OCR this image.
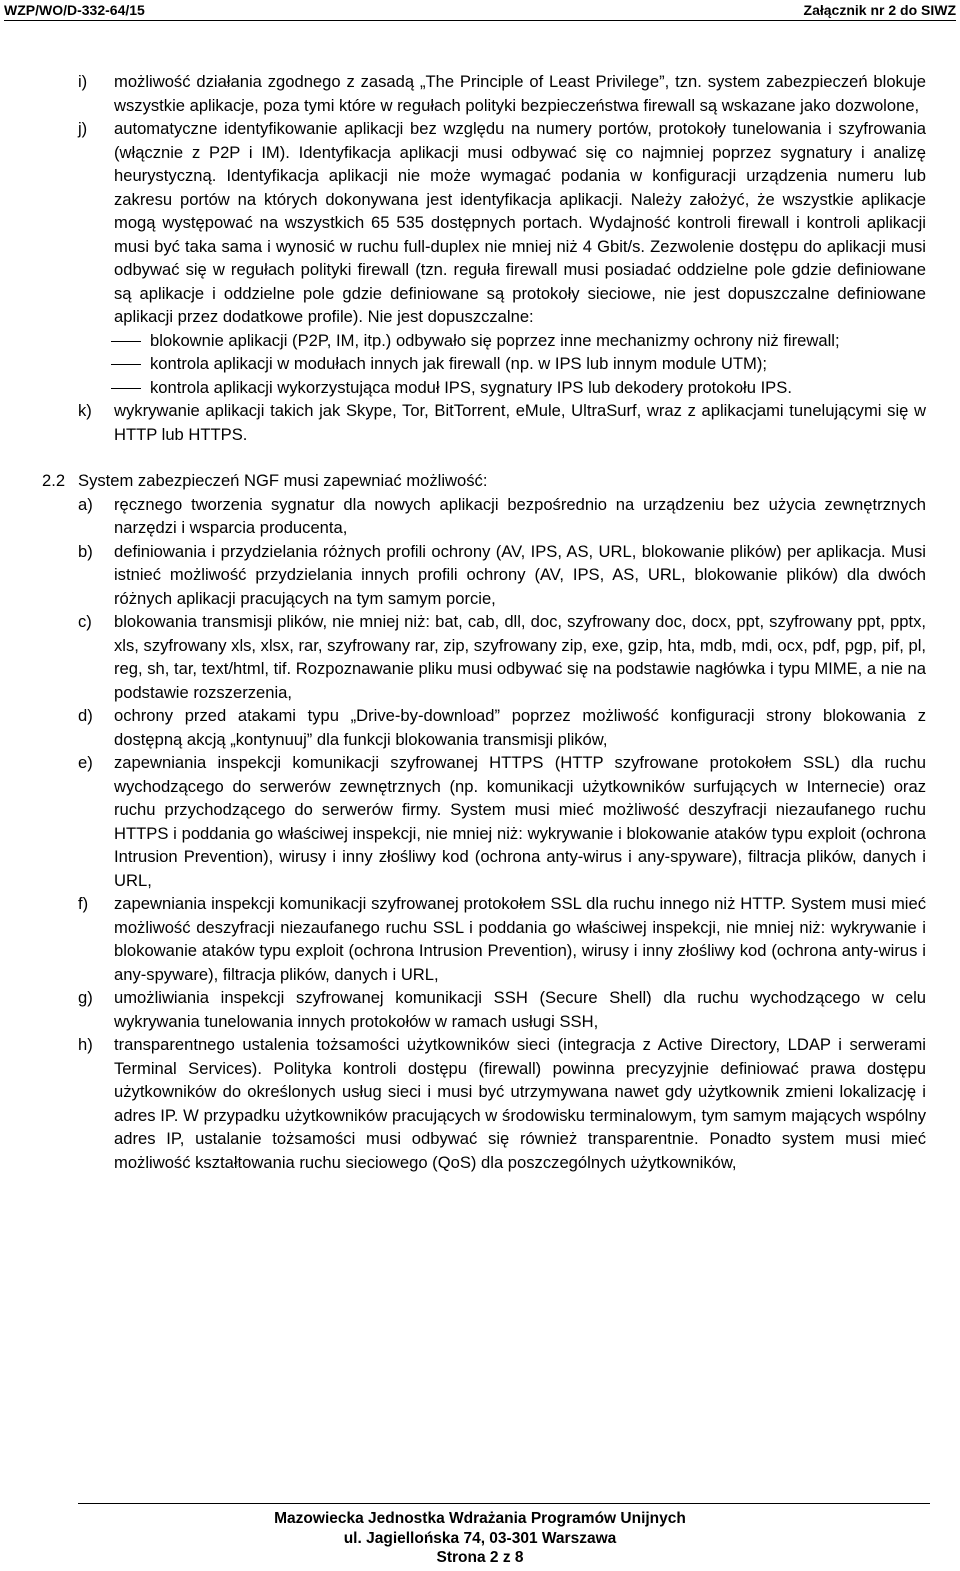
WZP/WO/D-332-64/15	Załącznik nr 2 do SIWZ
i)	możliwość działania zgodnego z zasadą „The Principle of Least Privilege”, tzn. system zabezpieczeń blokuje wszystkie aplikacje, poza tymi które w regułach polityki bezpieczeństwa firewall są wskazane jako dozwolone,
j)	automatyczne identyfikowanie aplikacji bez względu na numery portów, protokoły tunelowania i szyfrowania (włącznie z P2P i IM). Identyfikacja aplikacji musi odbywać się co najmniej poprzez sygnatury i analizę heurystyczną. Identyfikacja aplikacji nie może wymagać podania w konfiguracji urządzenia numeru lub zakresu portów na których dokonywana jest identyfikacja aplikacji. Należy założyć, że wszystkie aplikacje mogą występować na wszystkich 65 535 dostępnych portach. Wydajność kontroli firewall i kontroli aplikacji musi być taka sama i wynosić w ruchu full-duplex nie mniej niż 4 Gbit/s. Zezwolenie dostępu do aplikacji musi odbywać się w regułach polityki firewall (tzn. reguła firewall musi posiadać oddzielne pole gdzie definiowane są aplikacje i oddzielne pole gdzie definiowane są protokoły sieciowe, nie jest dopuszczalne definiowane aplikacji przez dodatkowe profile). Nie jest dopuszczalne:
blokownie aplikacji (P2P, IM, itp.) odbywało się poprzez inne mechanizmy ochrony niż firewall;
kontrola aplikacji w modułach innych jak firewall (np. w IPS lub innym module UTM);
kontrola aplikacji wykorzystująca moduł IPS, sygnatury IPS lub dekodery protokołu IPS.
k)	wykrywanie aplikacji takich jak Skype, Tor, BitTorrent, eMule, UltraSurf, wraz z aplikacjami tunelującymi się w HTTP lub HTTPS.
2.2 System zabezpieczeń NGF musi zapewniać możliwość:
a)	ręcznego tworzenia sygnatur dla nowych aplikacji bezpośrednio na urządzeniu bez użycia zewnętrznych narzędzi i wsparcia producenta,
b)	definiowania i przydzielania różnych profili ochrony (AV, IPS, AS, URL, blokowanie plików) per aplikacja. Musi istnieć możliwość przydzielania innych profili ochrony (AV, IPS, AS, URL, blokowanie plików) dla dwóch różnych aplikacji pracujących na tym samym porcie,
c)	blokowania transmisji plików, nie mniej niż: bat, cab, dll, doc, szyfrowany doc, docx, ppt, szyfrowany ppt, pptx, xls, szyfrowany xls, xlsx, rar, szyfrowany rar, zip, szyfrowany zip, exe, gzip, hta, mdb, mdi, ocx, pdf, pgp, pif, pl, reg, sh, tar, text/html, tif. Rozpoznawanie pliku musi odbywać się na podstawie nagłówka i typu MIME, a nie na podstawie rozszerzenia,
d)	ochrony przed atakami typu „Drive-by-download” poprzez możliwość konfiguracji strony blokowania z dostępną akcją „kontynuuj” dla funkcji blokowania transmisji plików,
e)	zapewniania inspekcji komunikacji szyfrowanej HTTPS (HTTP szyfrowane protokołem SSL) dla ruchu wychodzącego do serwerów zewnętrznych (np. komunikacji użytkowników surfujących w Internecie) oraz ruchu przychodzącego do serwerów firmy. System musi mieć możliwość deszyfracji niezaufanego ruchu HTTPS i poddania go właściwej inspekcji, nie mniej niż: wykrywanie i blokowanie ataków typu exploit (ochrona Intrusion Prevention), wirusy i inny złośliwy kod (ochrona anty-wirus i any-spyware), filtracja plików, danych i URL,
f)	zapewniania inspekcji komunikacji szyfrowanej protokołem SSL dla ruchu innego niż HTTP. System musi mieć możliwość deszyfracji niezaufanego ruchu SSL i poddania go właściwej inspekcji, nie mniej niż: wykrywanie i blokowanie ataków typu exploit (ochrona Intrusion Prevention), wirusy i inny złośliwy kod (ochrona anty-wirus i any-spyware), filtracja plików, danych i URL,
g)	umożliwiania inspekcji szyfrowanej komunikacji SSH (Secure Shell) dla ruchu wychodzącego w celu wykrywania tunelowania innych protokołów w ramach usługi SSH,
h)	transparentnego ustalenia tożsamości użytkowników sieci (integracja z Active Directory, LDAP i serwerami Terminal Services). Polityka kontroli dostępu (firewall) powinna precyzyjnie definiować prawa dostępu użytkowników do określonych usług sieci i musi być utrzymywana nawet gdy użytkownik zmieni lokalizację i adres IP. W przypadku użytkowników pracujących w środowisku terminalowym, tym samym mających wspólny adres IP, ustalanie tożsamości musi odbywać się również transparentnie. Ponadto system musi mieć możliwość kształtowania ruchu sieciowego (QoS) dla poszczególnych użytkowników,
Mazowiecka Jednostka Wdrażania Programów Unijnych
ul. Jagiellońska 74, 03-301 Warszawa
Strona 2 z 8
